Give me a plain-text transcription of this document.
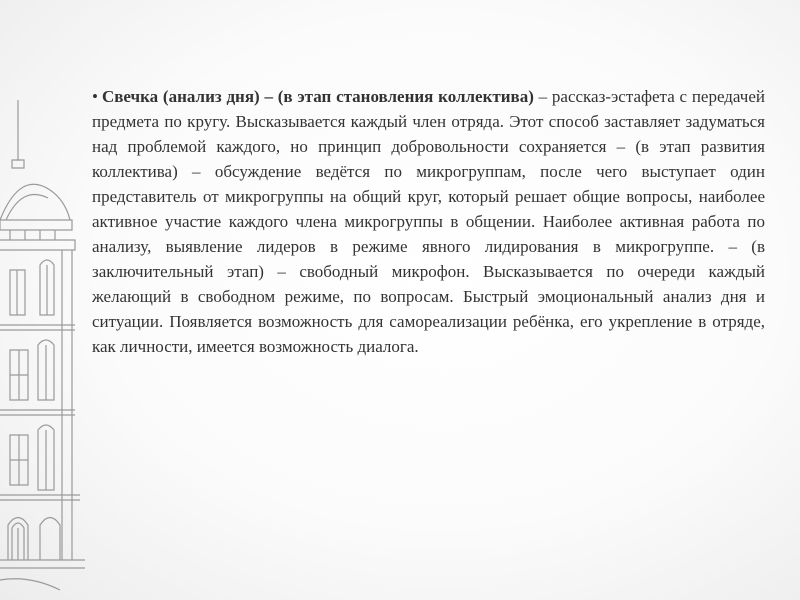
• Свечка (анализ дня) – (в этап становления коллектива) – рассказ-эстафета с передачей предмета по кругу. Высказывается каждый член отряда. Этот способ заставляет задуматься над проблемой каждого, но принцип добровольности сохраняется – (в этап развития коллектива) – обсуждение ведётся по микрогруппам, после чего выступает один представитель от микрогруппы на общий круг, который решает общие вопросы, наиболее активное участие каждого члена микрогруппы в общении. Наиболее активная работа по анализу, выявление лидеров в режиме явного лидирования в микрогруппе. – (в заключительный этап) – свободный микрофон. Высказывается по очереди каждый желающий в свободном режиме, по вопросам. Быстрый эмоциональный анализ дня и ситуации. Появляется возможность для самореализации ребёнка, его укрепление в отряде, как личности, имеется возможность диалога.
